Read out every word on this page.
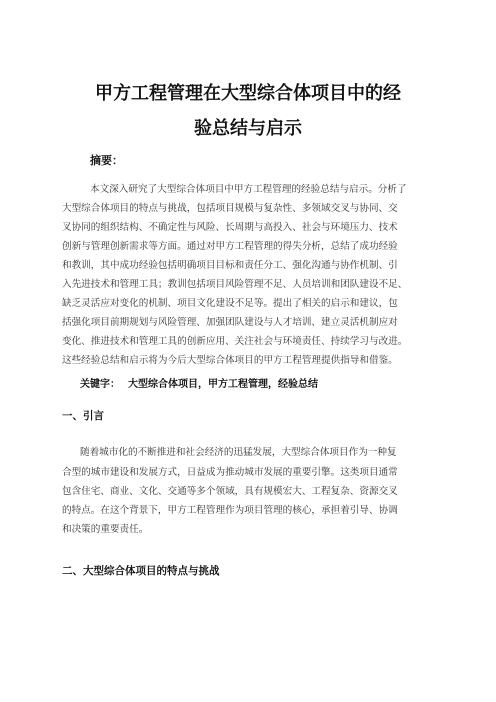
甲方工程管理在大型综合体项目中的经
验总结与启示
摘要：
本文深入研究了大型综合体项目中甲方工程管理的经验总结与启示。分析了
大型综合体项目的特点与挑战，包括项目规模与复杂性、多领域交叉与协同、交
叉协同的组织结构、不确定性与风险、长周期与高投入、社会与环境压力、技术
创新与管理创新需求等方面。通过对甲方工程管理的得失分析，总结了成功经验
和教训，其中成功经验包括明确项目目标和责任分工、强化沟通与协作机制、引
入先进技术和管理工具；教训包括项目风险管理不足、人员培训和团队建设不足、
缺乏灵活应对变化的机制、项目文化建设不足等。提出了相关的启示和建议，包
括强化项目前期规划与风险管理、加强团队建设与人才培训、建立灵活机制应对
变化、推进技术和管理工具的创新应用、关注社会与环境责任、持续学习与改进。
这些经验总结和启示将为今后大型综合体项目的甲方工程管理提供指导和借鉴。
关键字： 大型综合体项目，甲方工程管理，经验总结
一、引言
随着城市化的不断推进和社会经济的迅猛发展，大型综合体项目作为一种复
合型的城市建设和发展方式，日益成为推动城市发展的重要引擎。这类项目通常
包含住宅、商业、文化、交通等多个领域，具有规模宏大、工程复杂、资源交叉
的特点。在这个背景下，甲方工程管理作为项目管理的核心，承担着引导、协调
和决策的重要责任。
二、大型综合体项目的特点与挑战
